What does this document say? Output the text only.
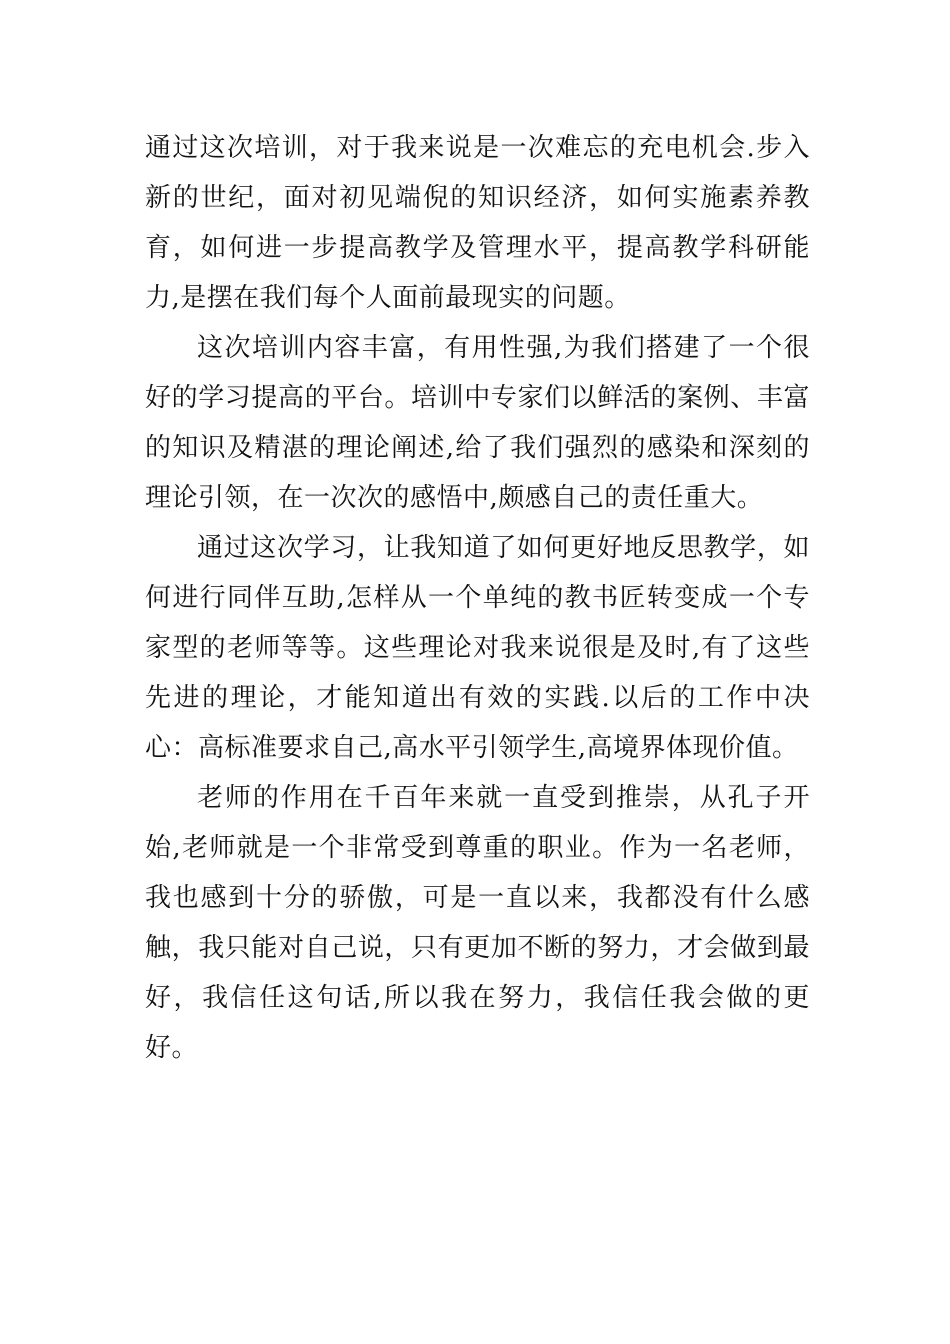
通过这次培训，对于我来说是一次难忘的充电机会.步入新的世纪，面对初见端倪的知识经济，如何实施素养教育，如何进一步提高教学及管理水平，提高教学科研能力,是摆在我们每个人面前最现实的问题。

这次培训内容丰富，有用性强,为我们搭建了一个很好的学习提高的平台。培训中专家们以鲜活的案例、丰富的知识及精湛的理论阐述,给了我们强烈的感染和深刻的理论引领，在一次次的感悟中,颇感自己的责任重大。

通过这次学习，让我知道了如何更好地反思教学，如何进行同伴互助,怎样从一个单纯的教书匠转变成一个专家型的老师等等。这些理论对我来说很是及时,有了这些先进的理论，才能知道出有效的实践.以后的工作中决心：高标准要求自己,高水平引领学生,高境界体现价值。

老师的作用在千百年来就一直受到推崇，从孔子开始,老师就是一个非常受到尊重的职业。作为一名老师，我也感到十分的骄傲，可是一直以来，我都没有什么感触，我只能对自己说，只有更加不断的努力，才会做到最好，我信任这句话,所以我在努力，我信任我会做的更好。
